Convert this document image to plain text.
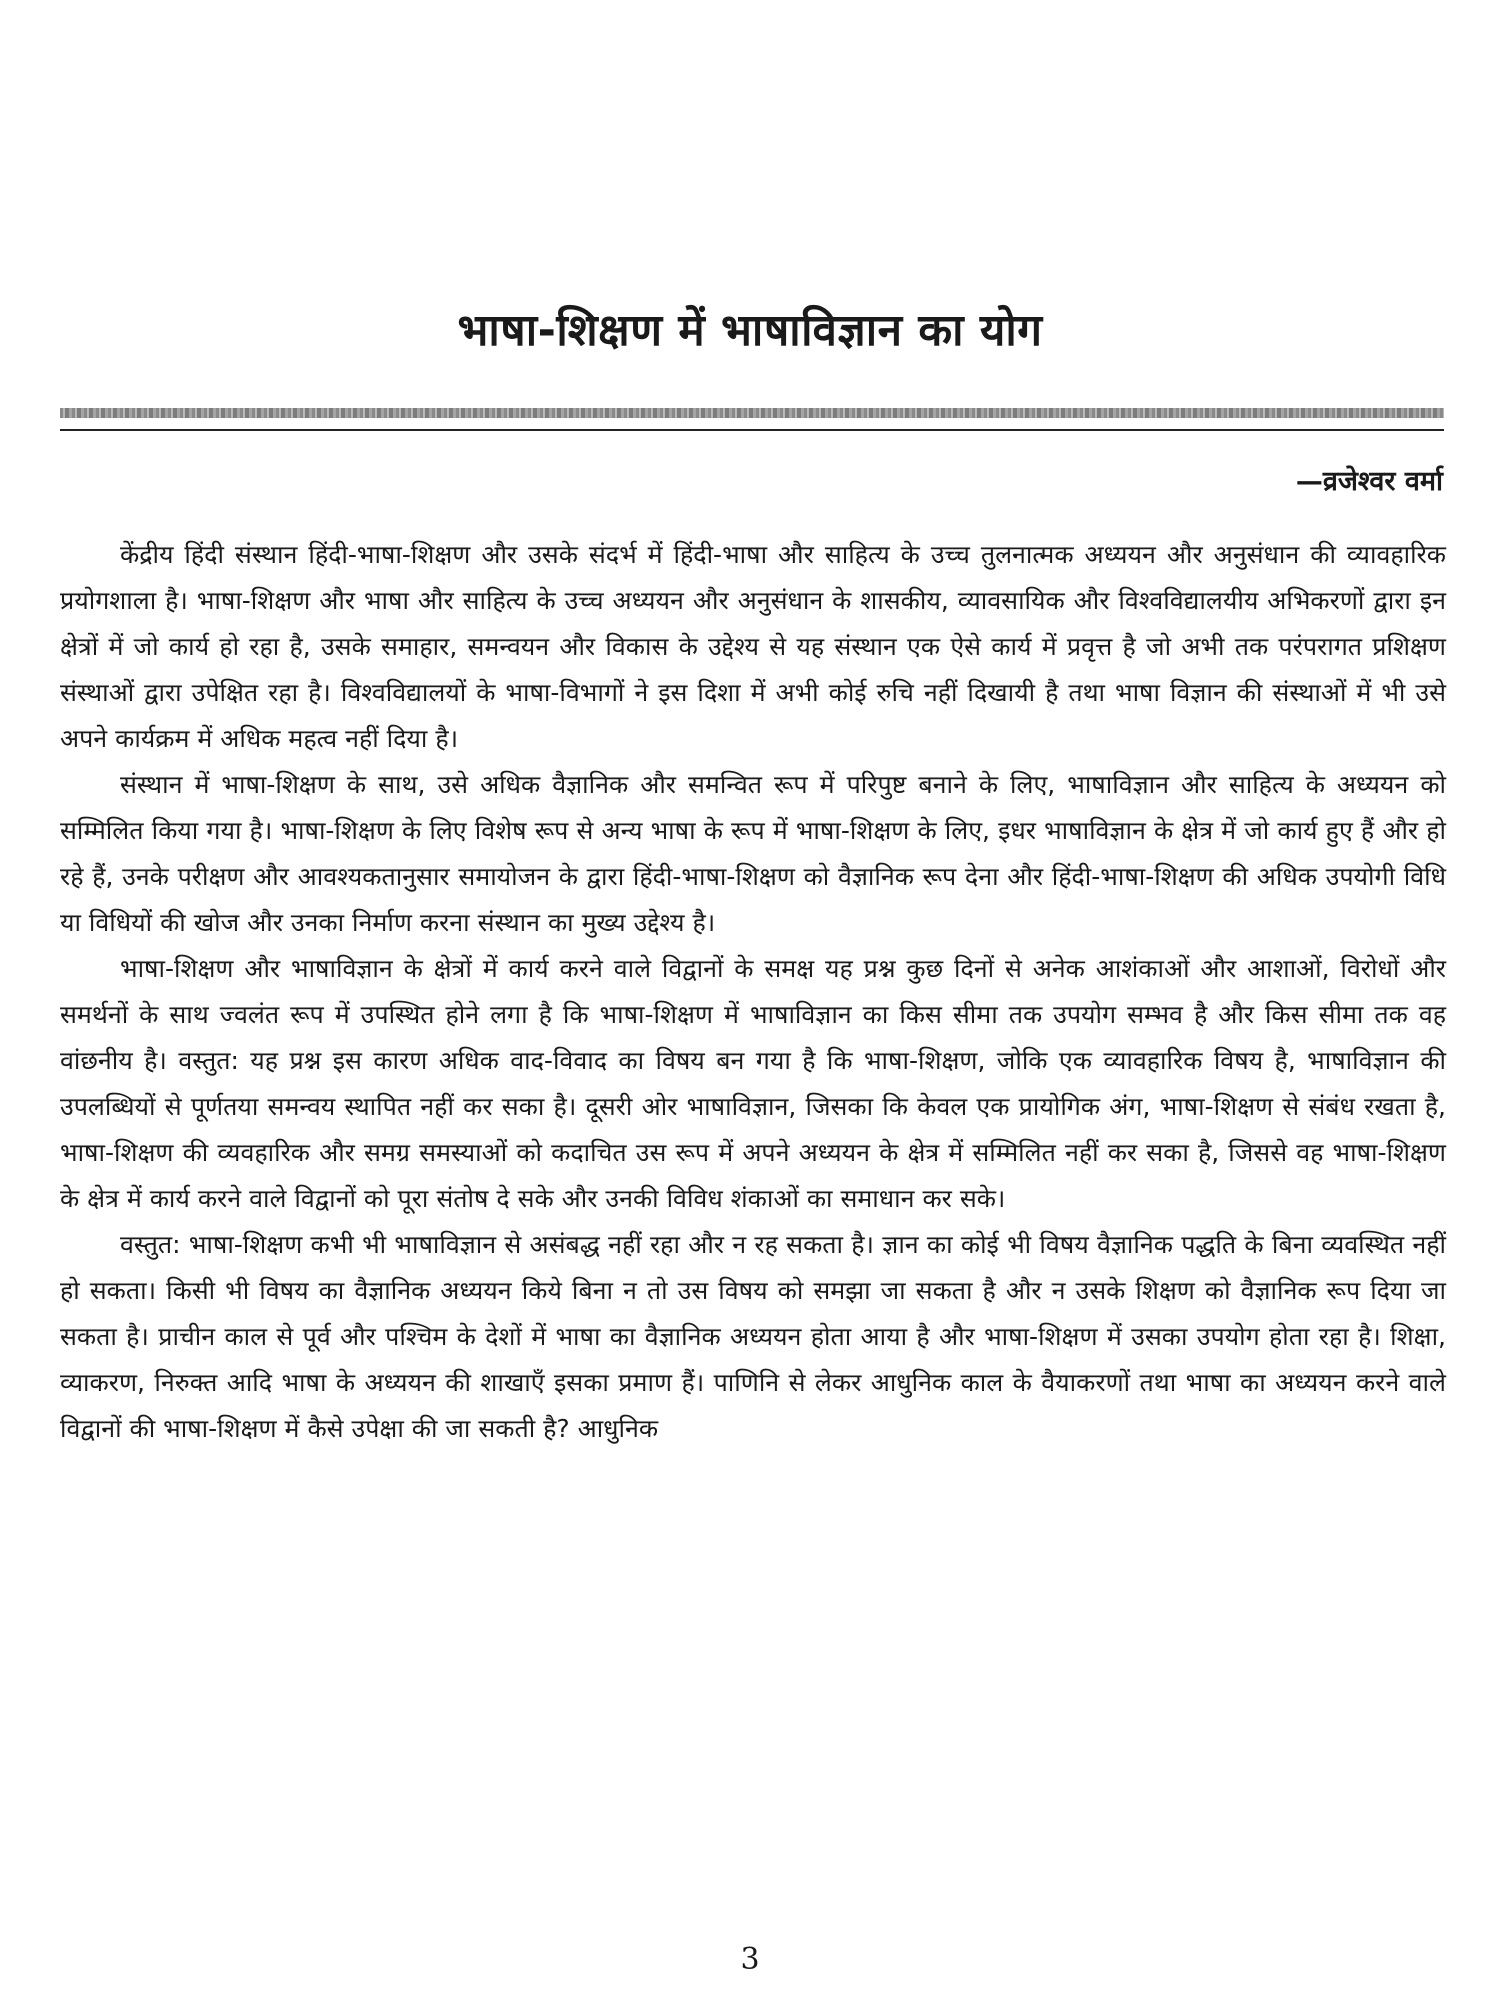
भाषा-शिक्षण में भाषाविज्ञान का योग
—व्रजेश्वर वर्मा

केंद्रीय हिंदी संस्थान हिंदी-भाषा-शिक्षण और उसके संदर्भ में हिंदी-भाषा और साहित्य के उच्च तुलनात्मक अध्ययन और अनुसंधान की व्यावहारिक प्रयोगशाला है। भाषा-शिक्षण और भाषा और साहित्य के उच्च अध्ययन और अनुसंधान के शासकीय, व्यावसायिक और विश्वविद्यालयीय अभिकरणों द्वारा इन क्षेत्रों में जो कार्य हो रहा है, उसके समाहार, समन्वयन और विकास के उद्देश्य से यह संस्थान एक ऐसे कार्य में प्रवृत्त है जो अभी तक परंपरागत प्रशिक्षण संस्थाओं द्वारा उपेक्षित रहा है। विश्वविद्यालयों के भाषा-विभागों ने इस दिशा में अभी कोई रुचि नहीं दिखायी है तथा भाषा विज्ञान की संस्थाओं में भी उसे अपने कार्यक्रम में अधिक महत्व नहीं दिया है।

संस्थान में भाषा-शिक्षण के साथ, उसे अधिक वैज्ञानिक और समन्वित रूप में परिपुष्ट बनाने के लिए, भाषाविज्ञान और साहित्य के अध्ययन को सम्मिलित किया गया है। भाषा-शिक्षण के लिए विशेष रूप से अन्य भाषा के रूप में भाषा-शिक्षण के लिए, इधर भाषाविज्ञान के क्षेत्र में जो कार्य हुए हैं और हो रहे हैं, उनके परीक्षण और आवश्यकतानुसार समायोजन के द्वारा हिंदी-भाषा-शिक्षण को वैज्ञानिक रूप देना और हिंदी-भाषा-शिक्षण की अधिक उपयोगी विधि या विधियों की खोज और उनका निर्माण करना संस्थान का मुख्य उद्देश्य है।

भाषा-शिक्षण और भाषाविज्ञान के क्षेत्रों में कार्य करने वाले विद्वानों के समक्ष यह प्रश्न कुछ दिनों से अनेक आशंकाओं और आशाओं, विरोधों और समर्थनों के साथ ज्वलंत रूप में उपस्थित होने लगा है कि भाषा-शिक्षण में भाषाविज्ञान का किस सीमा तक उपयोग सम्भव है और किस सीमा तक वह वांछनीय है। वस्तुत: यह प्रश्न इस कारण अधिक वाद-विवाद का विषय बन गया है कि भाषा-शिक्षण, जोकि एक व्यावहारिक विषय है, भाषाविज्ञान की उपलब्धियों से पूर्णतया समन्वय स्थापित नहीं कर सका है। दूसरी ओर भाषाविज्ञान, जिसका कि केवल एक प्रायोगिक अंग, भाषा-शिक्षण से संबंध रखता है, भाषा-शिक्षण की व्यवहारिक और समग्र समस्याओं को कदाचित उस रूप में अपने अध्ययन के क्षेत्र में सम्मिलित नहीं कर सका है, जिससे वह भाषा-शिक्षण के क्षेत्र में कार्य करने वाले विद्वानों को पूरा संतोष दे सके और उनकी विविध शंकाओं का समाधान कर सके।

वस्तुत: भाषा-शिक्षण कभी भी भाषाविज्ञान से असंबद्ध नहीं रहा और न रह सकता है। ज्ञान का कोई भी विषय वैज्ञानिक पद्धति के बिना व्यवस्थित नहीं हो सकता। किसी भी विषय का वैज्ञानिक अध्ययन किये बिना न तो उस विषय को समझा जा सकता है और न उसके शिक्षण को वैज्ञानिक रूप दिया जा सकता है। प्राचीन काल से पूर्व और पश्चिम के देशों में भाषा का वैज्ञानिक अध्ययन होता आया है और भाषा-शिक्षण में उसका उपयोग होता रहा है। शिक्षा, व्याकरण, निरुक्त आदि भाषा के अध्ययन की शाखाएँ इसका प्रमाण हैं। पाणिनि से लेकर आधुनिक काल के वैयाकरणों तथा भाषा का अध्ययन करने वाले विद्वानों की भाषा-शिक्षण में कैसे उपेक्षा की जा सकती है? आधुनिक

3
